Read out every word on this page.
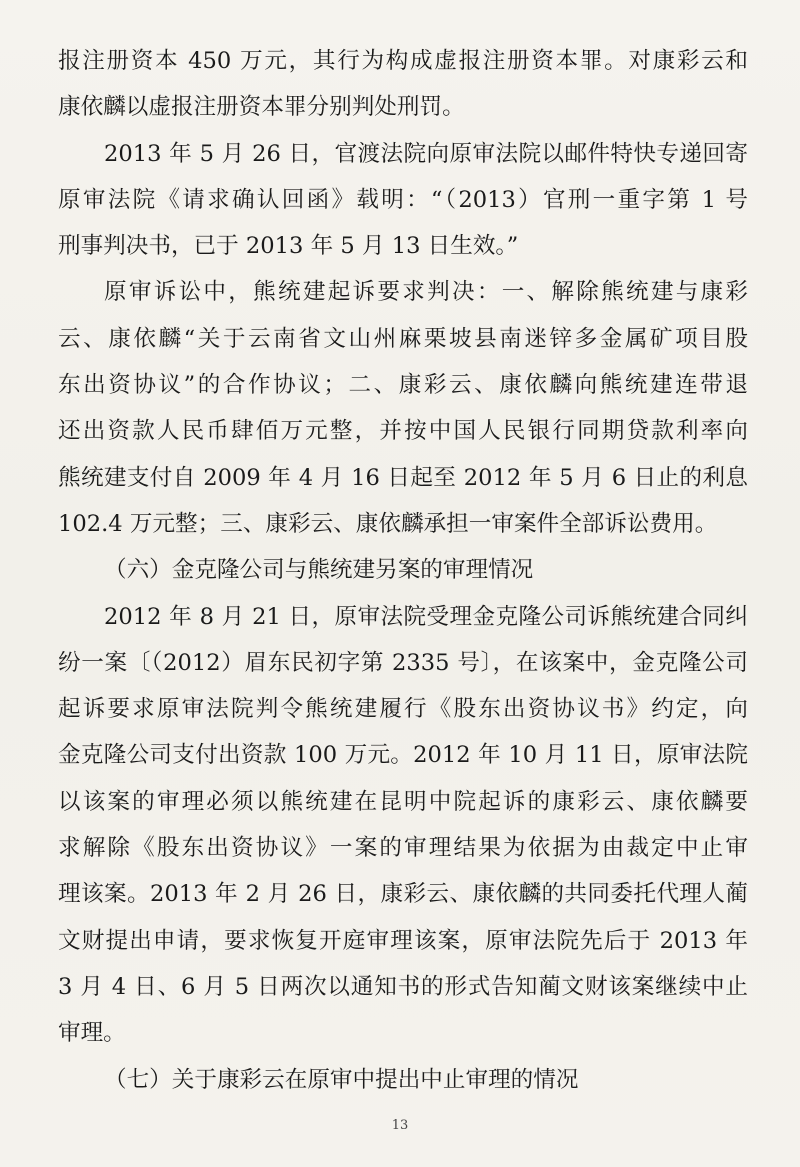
报注册资本 450 万元，其行为构成虚报注册资本罪。对康彩云和
康依麟以虚报注册资本罪分别判处刑罚。
2013 年 5 月 26 日，官渡法院向原审法院以邮件特快专递回寄
原审法院《请求确认回函》载明：“（2013）官刑一重字第 1 号
刑事判决书，已于 2013 年 5 月 13 日生效。”
原审诉讼中，熊统建起诉要求判决：一、解除熊统建与康彩
云、康依麟“关于云南省文山州麻栗坡县南迷锌多金属矿项目股
东出资协议”的合作协议；二、康彩云、康依麟向熊统建连带退
还出资款人民币肆佰万元整，并按中国人民银行同期贷款利率向
熊统建支付自 2009 年 4 月 16 日起至 2012 年 5 月 6 日止的利息
102.4 万元整；三、康彩云、康依麟承担一审案件全部诉讼费用。
（六）金克隆公司与熊统建另案的审理情况
2012 年 8 月 21 日，原审法院受理金克隆公司诉熊统建合同纠
纷一案〔（2012）眉东民初字第 2335 号〕，在该案中，金克隆公司
起诉要求原审法院判令熊统建履行《股东出资协议书》约定，向
金克隆公司支付出资款 100 万元。2012 年 10 月 11 日，原审法院
以该案的审理必须以熊统建在昆明中院起诉的康彩云、康依麟要
求解除《股东出资协议》一案的审理结果为依据为由裁定中止审
理该案。2013 年 2 月 26 日，康彩云、康依麟的共同委托代理人蔺
文财提出申请，要求恢复开庭审理该案，原审法院先后于 2013 年
3 月 4 日、6 月 5 日两次以通知书的形式告知蔺文财该案继续中止
审理。
（七）关于康彩云在原审中提出中止审理的情况
13
